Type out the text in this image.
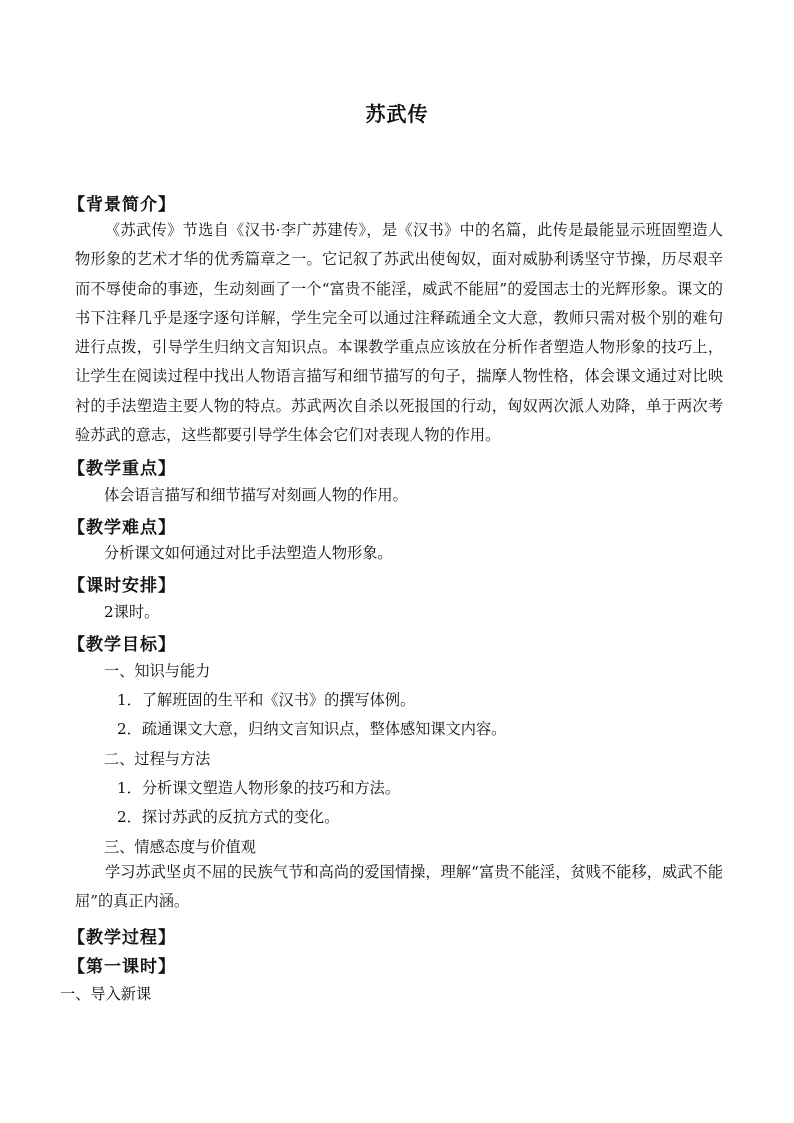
苏武传
【背景简介】
《苏武传》节选自《汉书·李广苏建传》，是《汉书》中的名篇，此传是最能显示班固塑造人物形象的艺术才华的优秀篇章之一。它记叙了苏武出使匈奴，面对威胁利诱坚守节操，历尽艰辛而不辱使命的事迹，生动刻画了一个“富贵不能淫，威武不能屈”的爱国志士的光辉形象。课文的书下注释几乎是逐字逐句详解，学生完全可以通过注释疏通全文大意，教师只需对极个别的难句进行点拨，引导学生归纳文言知识点。本课教学重点应该放在分析作者塑造人物形象的技巧上，让学生在阅读过程中找出人物语言描写和细节描写的句子，揣摩人物性格，体会课文通过对比映衬的手法塑造主要人物的特点。苏武两次自杀以死报国的行动，匈奴两次派人劝降，单于两次考验苏武的意志，这些都要引导学生体会它们对表现人物的作用。
【教学重点】
体会语言描写和细节描写对刻画人物的作用。
【教学难点】
分析课文如何通过对比手法塑造人物形象。
【课时安排】
2课时。
【教学目标】
一、知识与能力
1．了解班固的生平和《汉书》的撰写体例。
2．疏通课文大意，归纳文言知识点，整体感知课文内容。
二、过程与方法
1．分析课文塑造人物形象的技巧和方法。
2．探讨苏武的反抗方式的变化。
三、情感态度与价值观
学习苏武坚贞不屈的民族气节和高尚的爱国情操，理解“富贵不能淫，贫贱不能移，威武不能屈”的真正内涵。
【教学过程】
【第一课时】
一、导入新课
